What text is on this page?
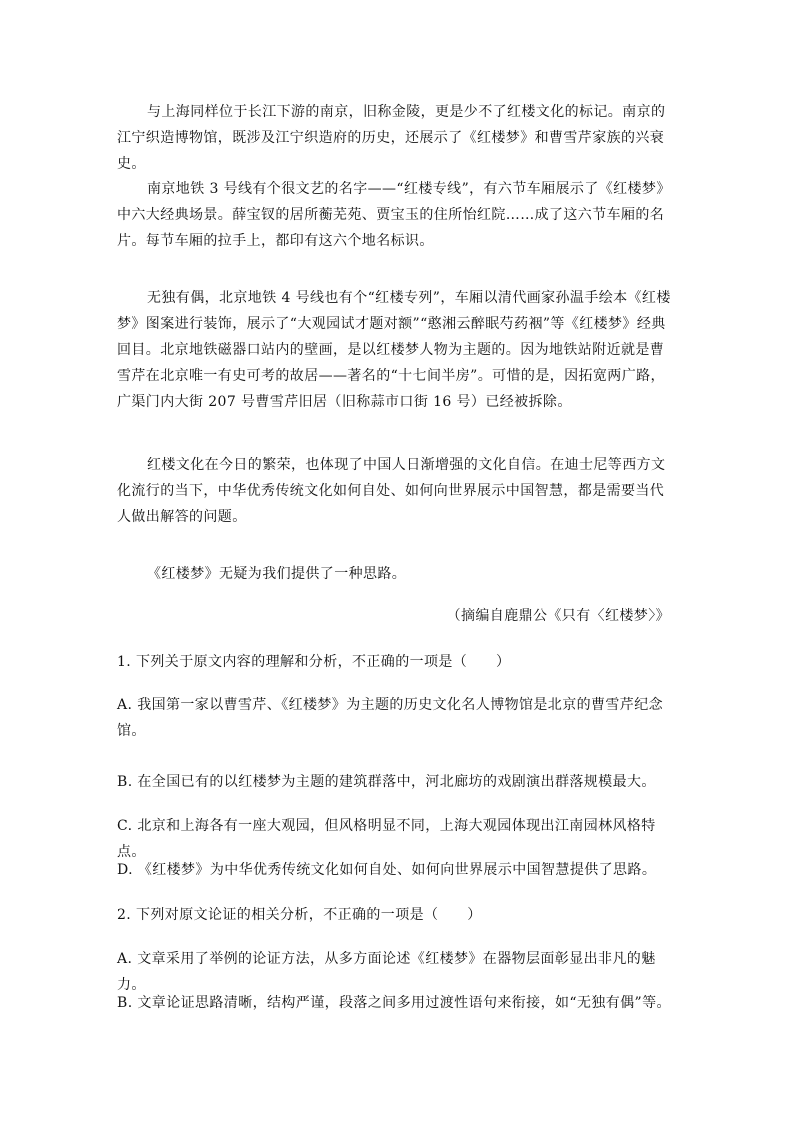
与上海同样位于长江下游的南京，旧称金陵，更是少不了红楼文化的标记。南京的江宁织造博物馆，既涉及江宁织造府的历史，还展示了《红楼梦》和曹雪芹家族的兴衰史。

南京地铁 3 号线有个很文艺的名字——“红楼专线”，有六节车厢展示了《红楼梦》中六大经典场景。薛宝钗的居所蘅芜苑、贾宝玉的住所怡红院……成了这六节车厢的名片。每节车厢的拉手上，都印有这六个地名标识。

无独有偶，北京地铁 4 号线也有个“红楼专列”，车厢以清代画家孙温手绘本《红楼梦》图案进行装饰，展示了“大观园试才题对额”“憨湘云醉眠芍药裀”等《红楼梦》经典回目。北京地铁磁器口站内的壁画，是以红楼梦人物为主题的。因为地铁站附近就是曹雪芹在北京唯一有史可考的故居——著名的“十七间半房”。可惜的是，因拓宽两广路，广渠门内大街 207 号曹雪芹旧居（旧称蒜市口街 16 号）已经被拆除。

红楼文化在今日的繁荣，也体现了中国人日渐增强的文化自信。在迪士尼等西方文化流行的当下，中华优秀传统文化如何自处、如何向世界展示中国智慧，都是需要当代人做出解答的问题。

《红楼梦》无疑为我们提供了一种思路。

（摘编自鹿鼎公《只有〈红楼梦〉》

1. 下列关于原文内容的理解和分析，不正确的一项是（　　）

A. 我国第一家以曹雪芹、《红楼梦》为主题的历史文化名人博物馆是北京的曹雪芹纪念馆。

B. 在全国已有的以红楼梦为主题的建筑群落中，河北廊坊的戏剧演出群落规模最大。

C. 北京和上海各有一座大观园，但风格明显不同，上海大观园体现出江南园林风格特点。

D. 《红楼梦》为中华优秀传统文化如何自处、如何向世界展示中国智慧提供了思路。

2. 下列对原文论证的相关分析，不正确的一项是（　　）

A. 文章采用了举例的论证方法，从多方面论述《红楼梦》在器物层面彰显出非凡的魅力。

B. 文章论证思路清晰，结构严谨，段落之间多用过渡性语句来衔接，如“无独有偶”等。
